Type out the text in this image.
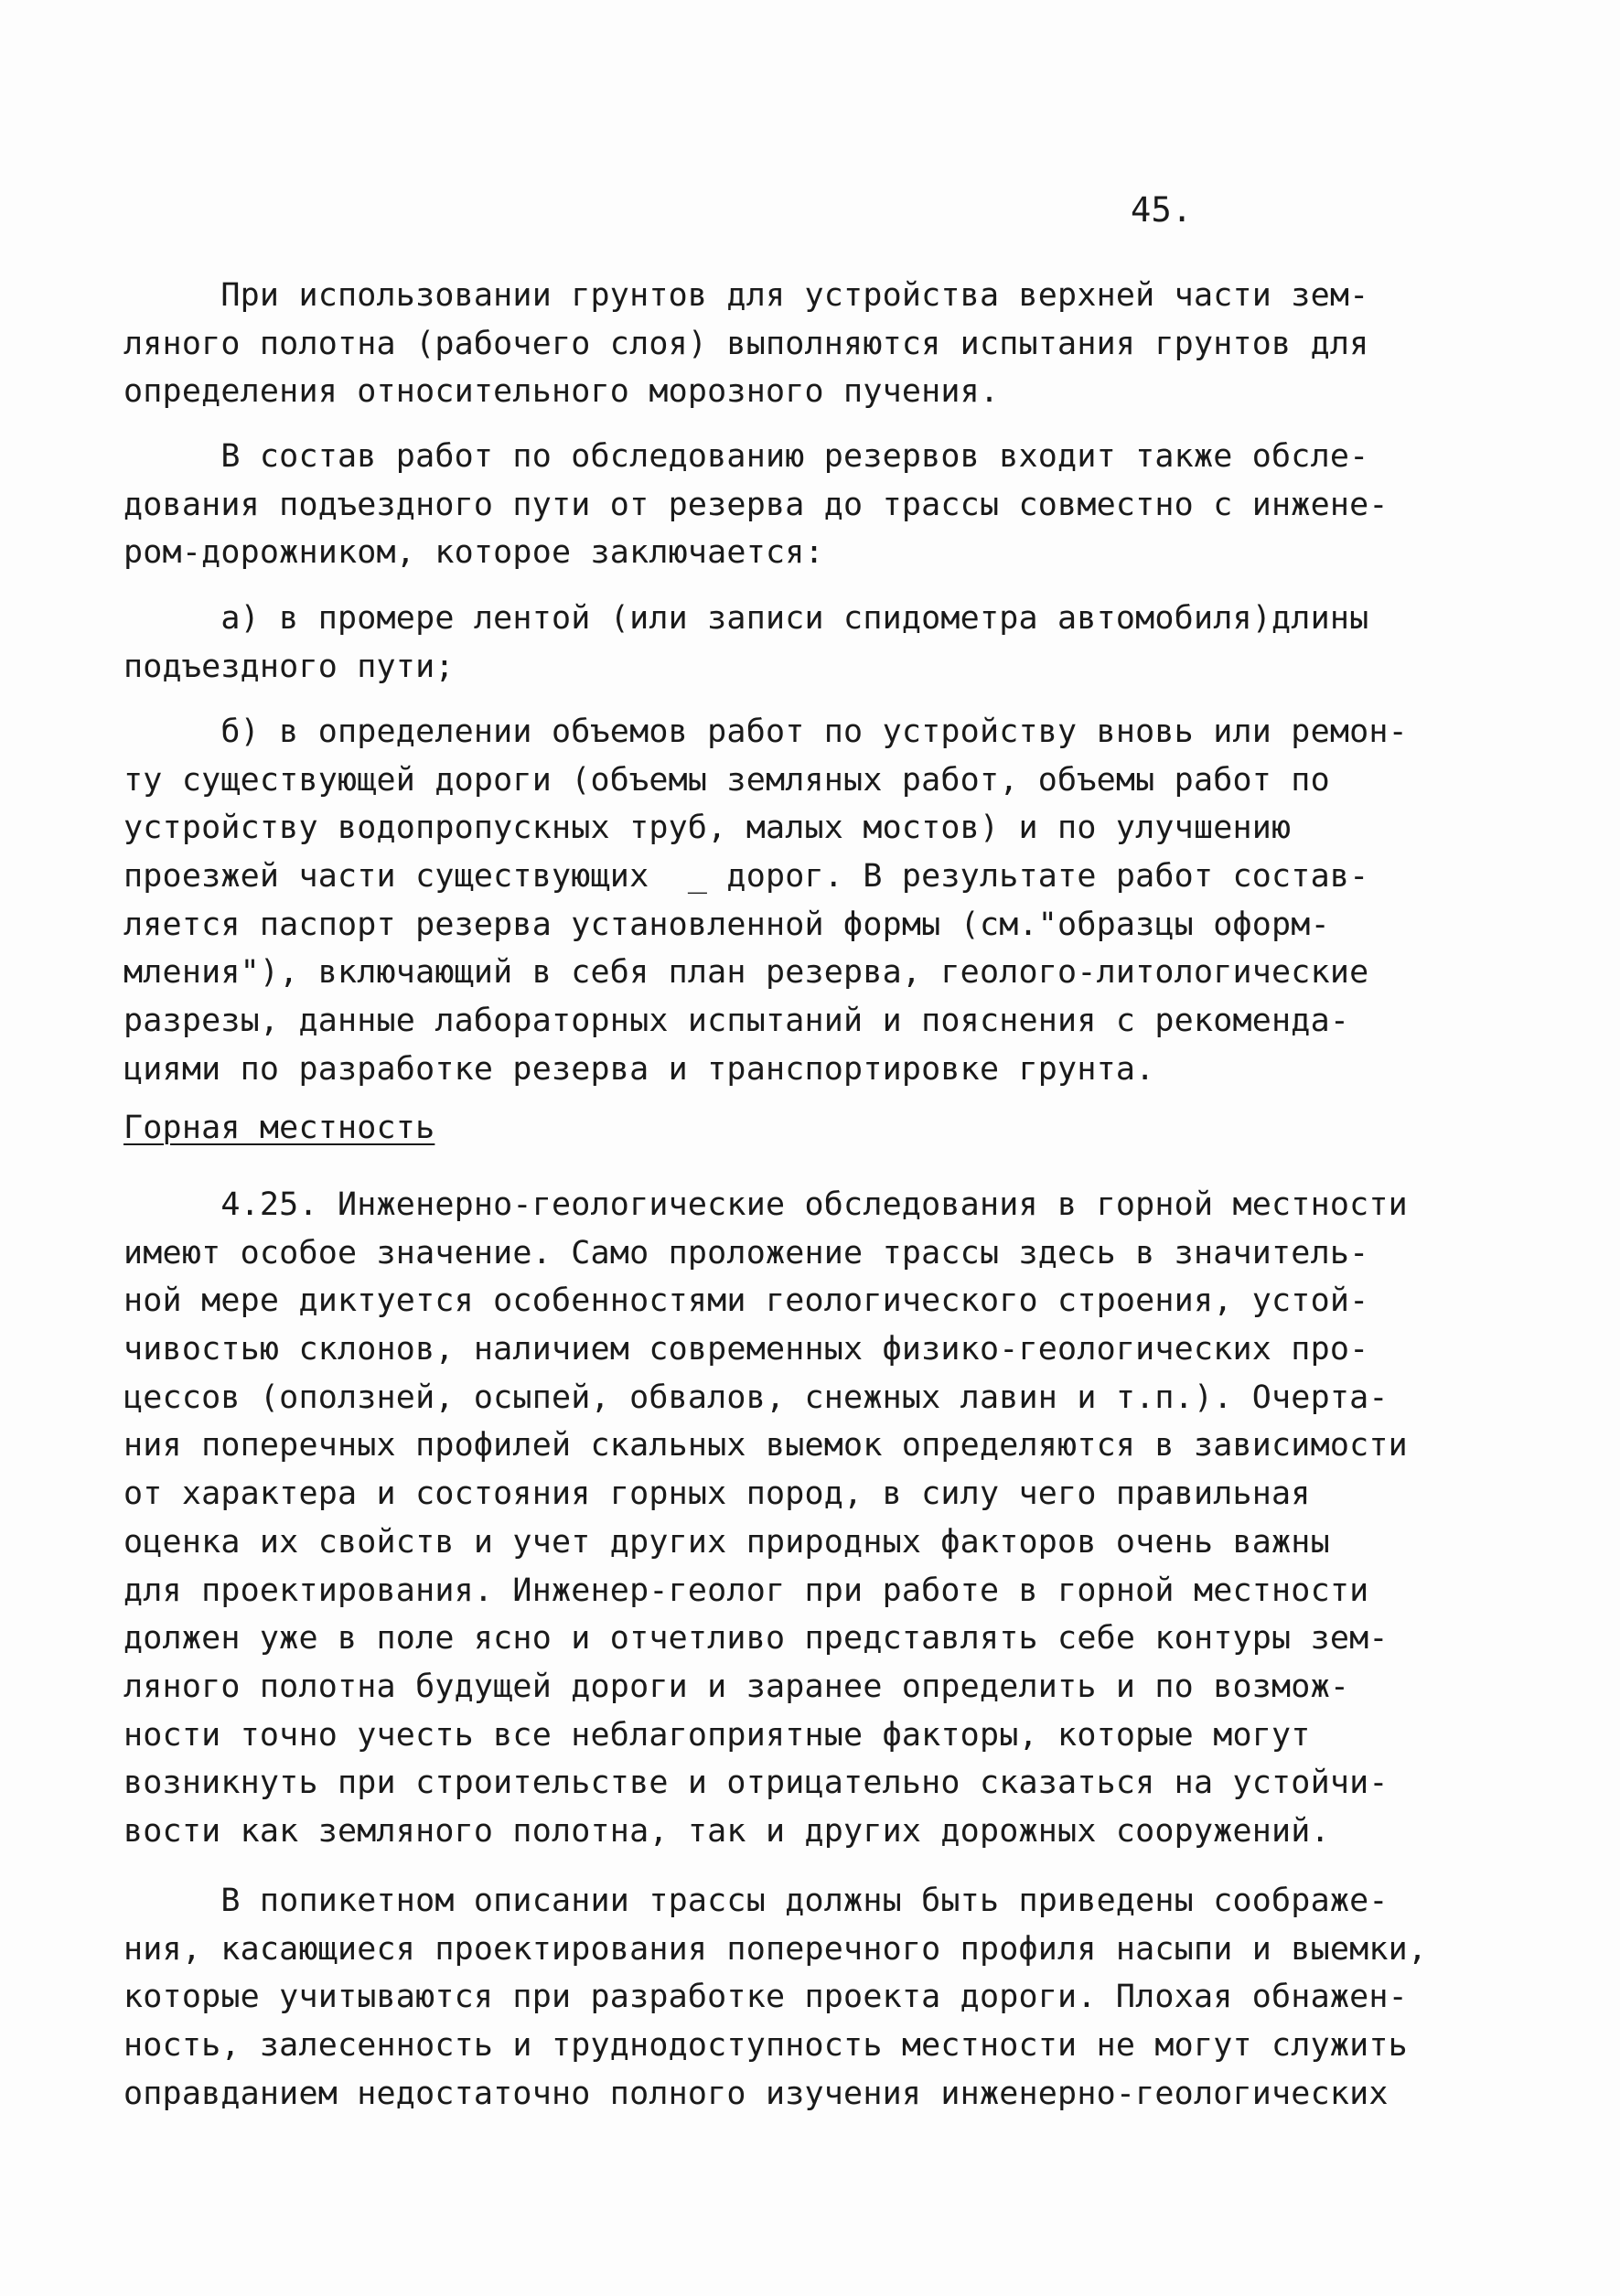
45.
При использовании грунтов для устройства верхней части зем-
ляного полотна (рабочего слоя) выполняются испытания грунтов для
определения относительного морозного пучения.
В состав работ по обследованию резервов входит также обсле-
дования подъездного пути от резерва до трассы совместно с инжене-
ром-дорожником, которое заключается:
а) в промере лентой (или записи спидометра автомобиля)длины
подъездного пути;
б) в определении объемов работ по устройству вновь или ремон-
ту существующей дороги (объемы земляных работ, объемы работ по
устройству водопропускных труб, малых мостов) и по улучшению
проезжей части существующих  _ дорог. В результате работ состав-
ляется паспорт резерва установленной формы (см."образцы оформ-
мления"), включающий в себя план резерва, геолого-литологические
разрезы, данные лабораторных испытаний и пояснения с рекоменда-
циями по разработке резерва и транспортировке грунта.
Горная местность
4.25. Инженерно-геологические обследования в горной местности
имеют особое значение. Само проложение трассы здесь в значитель-
ной мере диктуется особенностями геологического строения, устой-
чивостью склонов, наличием современных физико-геологических про-
цессов (оползней, осыпей, обвалов, снежных лавин и т.п.). Очерта-
ния поперечных профилей скальных выемок определяются в зависимости
от характера и состояния горных пород, в силу чего правильная
оценка их свойств и учет других природных факторов очень важны
для проектирования. Инженер-геолог при работе в горной местности
должен уже в поле ясно и отчетливо представлять себе контуры зем-
ляного полотна будущей дороги и заранее определить и по возмож-
ности точно учесть все неблагоприятные факторы, которые могут
возникнуть при строительстве и отрицательно сказаться на устойчи-
вости как земляного полотна, так и других дорожных сооружений.
В попикетном описании трассы должны быть приведены соображе-
ния, касающиеся проектирования поперечного профиля насыпи и выемки,
которые учитываются при разработке проекта дороги. Плохая обнажен-
ность, залесенность и труднодоступность местности не могут служить
оправданием недостаточно полного изучения инженерно-геологических
